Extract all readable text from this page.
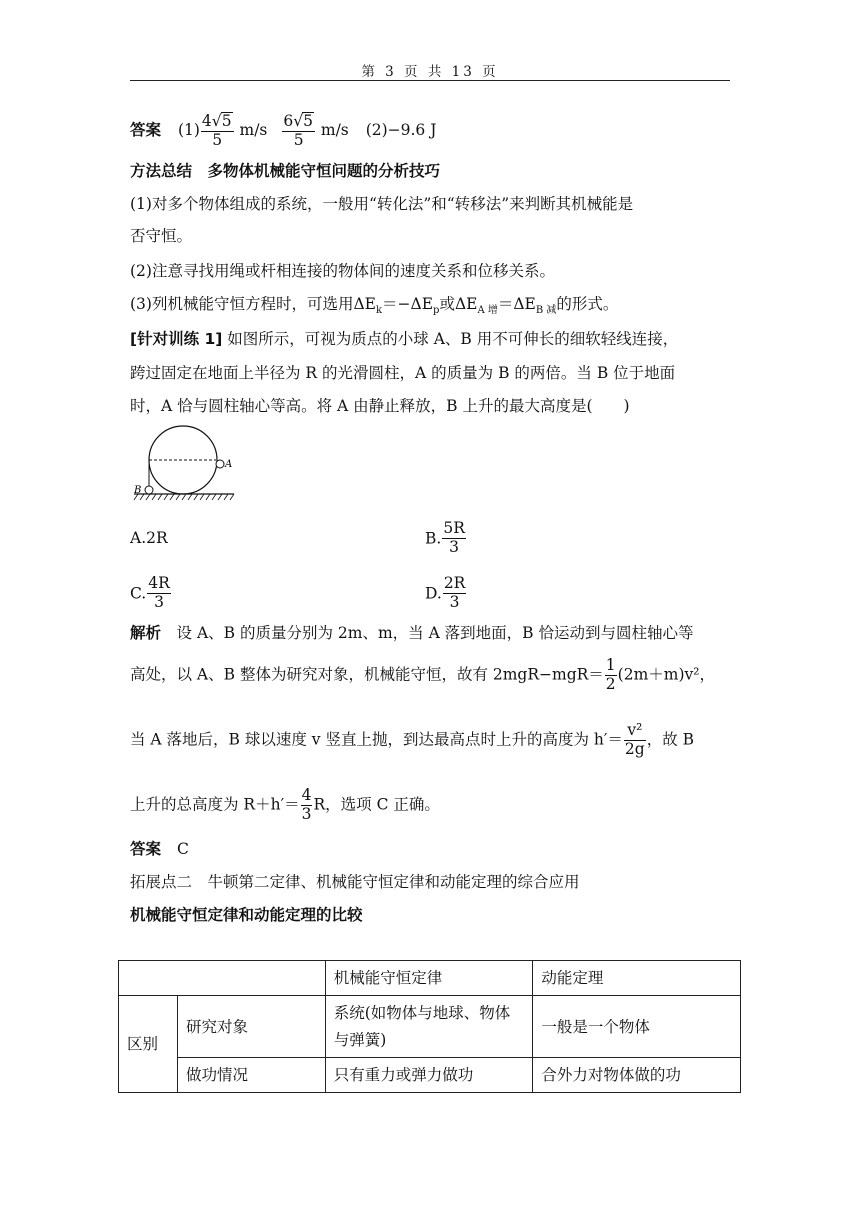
第 3 页 共 13 页
答案 $(1) \frac{4√5}{5} m/s \frac{6√5}{5} m/s$ (2)−9.6 J
方法总结　多物体机械能守恒问题的分析技巧
(1)对多个物体组成的系统，一般用“转化法”和“转移法”来判断其机械能是
否守恒。
(2)注意寻找用绳或杆相连接的物体间的速度关系和位移关系。
(3)列机械能守恒方程时，可选用$\Delta E_k=-\Delta E_p$或$\Delta E_{A 增}=\Delta E_{B 减}$的形式。
[针对训练 1] 如图所示，可视为质点的小球 A、B 用不可伸长的细软轻线连接，
跨过固定在地面上半径为 R 的光滑圆柱，A 的质量为 B 的两倍。当 B 位于地面
时，A 恰与圆柱轴心等高。将 A 由静止释放，B 上升的最大高度是(　　)
A
B
A.2R	B. $\frac{5R}{3}$
C. $\frac{4R}{3}$	D. $\frac{2R}{3}$
解析　设 A、B 的质量分别为 2m、m，当 A 落到地面，B 恰运动到与圆柱轴心等
高处，以 A、B 整体为研究对象，机械能守恒，故有 $2mgR-mgR= \frac{1}{2} (2m+m)v^2$，
当 A 落地后，B 球以速度 v 竖直上抛，到达最高点时上升的高度为 $h'= \frac{\text{v²}}{2g}$ ，故 B
上升的总高度为 $R+h'= \frac{4}{3}$ R，选项 C 正确。
答案 C
拓展点二　牛顿第二定律、机械能守恒定律和动能定理的综合应用
机械能守恒定律和动能定理的比较
		机械能守恒定律	动能定理
区别	研究对象	系统(如物体与地球、物体与弹簧)	一般是一个物体
	做功情况	只有重力或弹力做功	合外力对物体做的功
